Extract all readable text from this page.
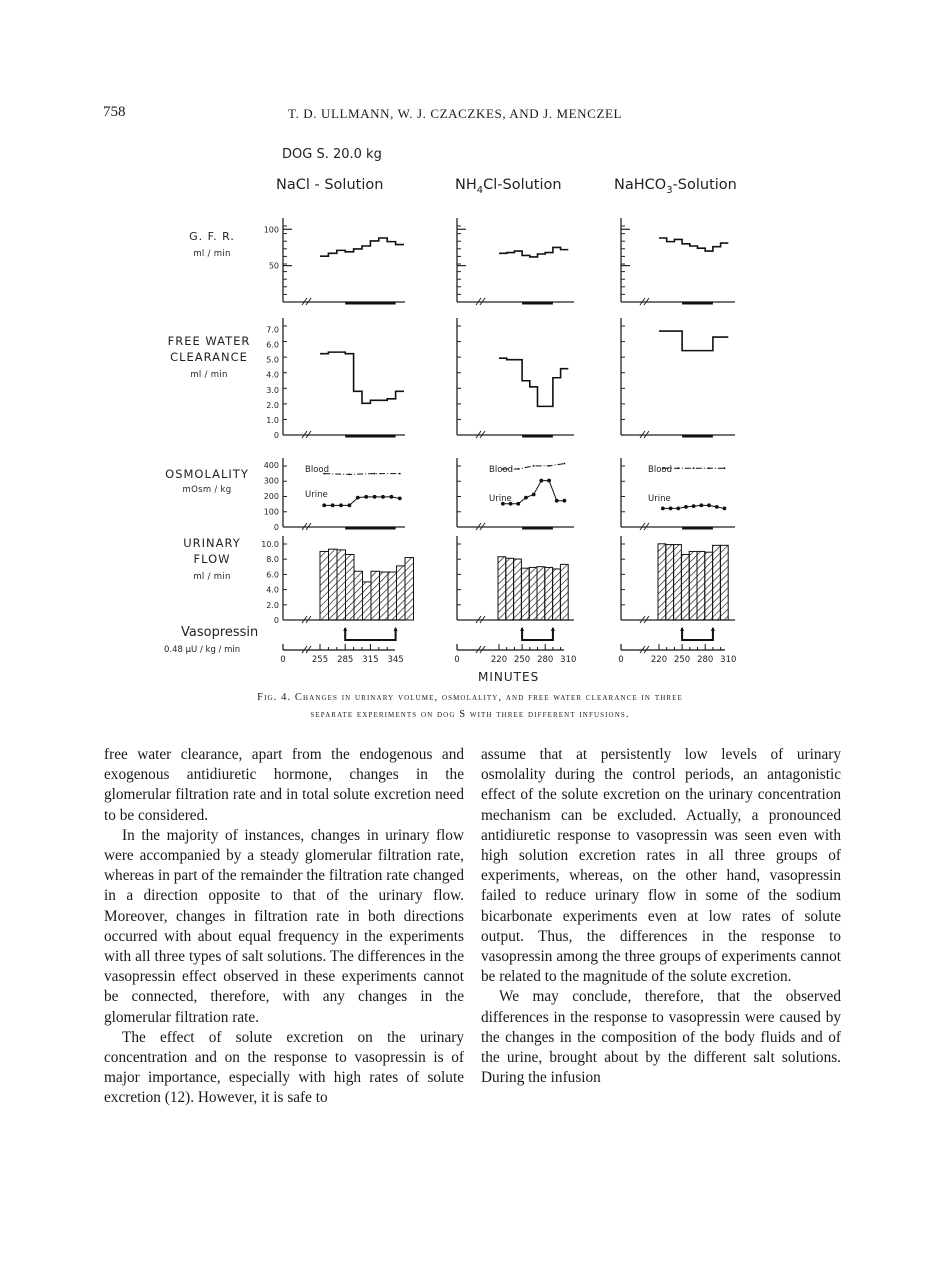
758	T. D. ULLMANN, W. J. CZACZKES, AND J. MENCZEL
DOG S. 20.0 kg
NaCl - Solution	$NH_4Cl$-Solution	NaHCO$_3$-Solution
G. F. R.
ml / min
FREE WATER
CLEARANCE
ml / min
OSMOLALITY
mOsm / kg
URINARY
FLOW
ml / min
Vasopressin
0.48 µU / kg / min
100
50
7.0
6.0
5.0
4.0
3.0
2.0
1.0
0
400
300
200
100
0
10.0
8.0
6.0
4.0
2.0
0
Blood
Urine
Blood
Urine
Blood
Urine
0	255 285 315 345	0	220 250 280 310	0	220 250 280 310
MINUTES
Fig. 4. Changes in urinary volume, osmolality, and free water clearance in three
separate experiments on dog S with three different infusions.

free water clearance, apart from the endogenous and exogenous antidiuretic hormone, changes in the glomerular filtration rate and in total solute excretion need to be considered.

In the majority of instances, changes in urinary flow were accompanied by a steady glomerular filtration rate, whereas in part of the remainder the filtration rate changed in a direction opposite to that of the urinary flow. Moreover, changes in filtration rate in both directions occurred with about equal frequency in the experiments with all three types of salt solutions. The differences in the vasopressin effect observed in these experiments cannot be connected, therefore, with any changes in the glomerular filtration rate.

The effect of solute excretion on the urinary concentration and on the response to vasopressin is of major importance, especially with high rates of solute excretion (12). However, it is safe to

assume that at persistently low levels of urinary osmolality during the control periods, an antagonistic effect of the solute excretion on the urinary concentration mechanism can be excluded. Actually, a pronounced antidiuretic response to vasopressin was seen even with high solution excretion rates in all three groups of experiments, whereas, on the other hand, vasopressin failed to reduce urinary flow in some of the sodium bicarbonate experiments even at low rates of solute output. Thus, the differences in the response to vasopressin among the three groups of experiments cannot be related to the magnitude of the solute excretion.

We may conclude, therefore, that the observed differences in the response to vasopressin were caused by the changes in the composition of the body fluids and of the urine, brought about by the different salt solutions. During the infusion
